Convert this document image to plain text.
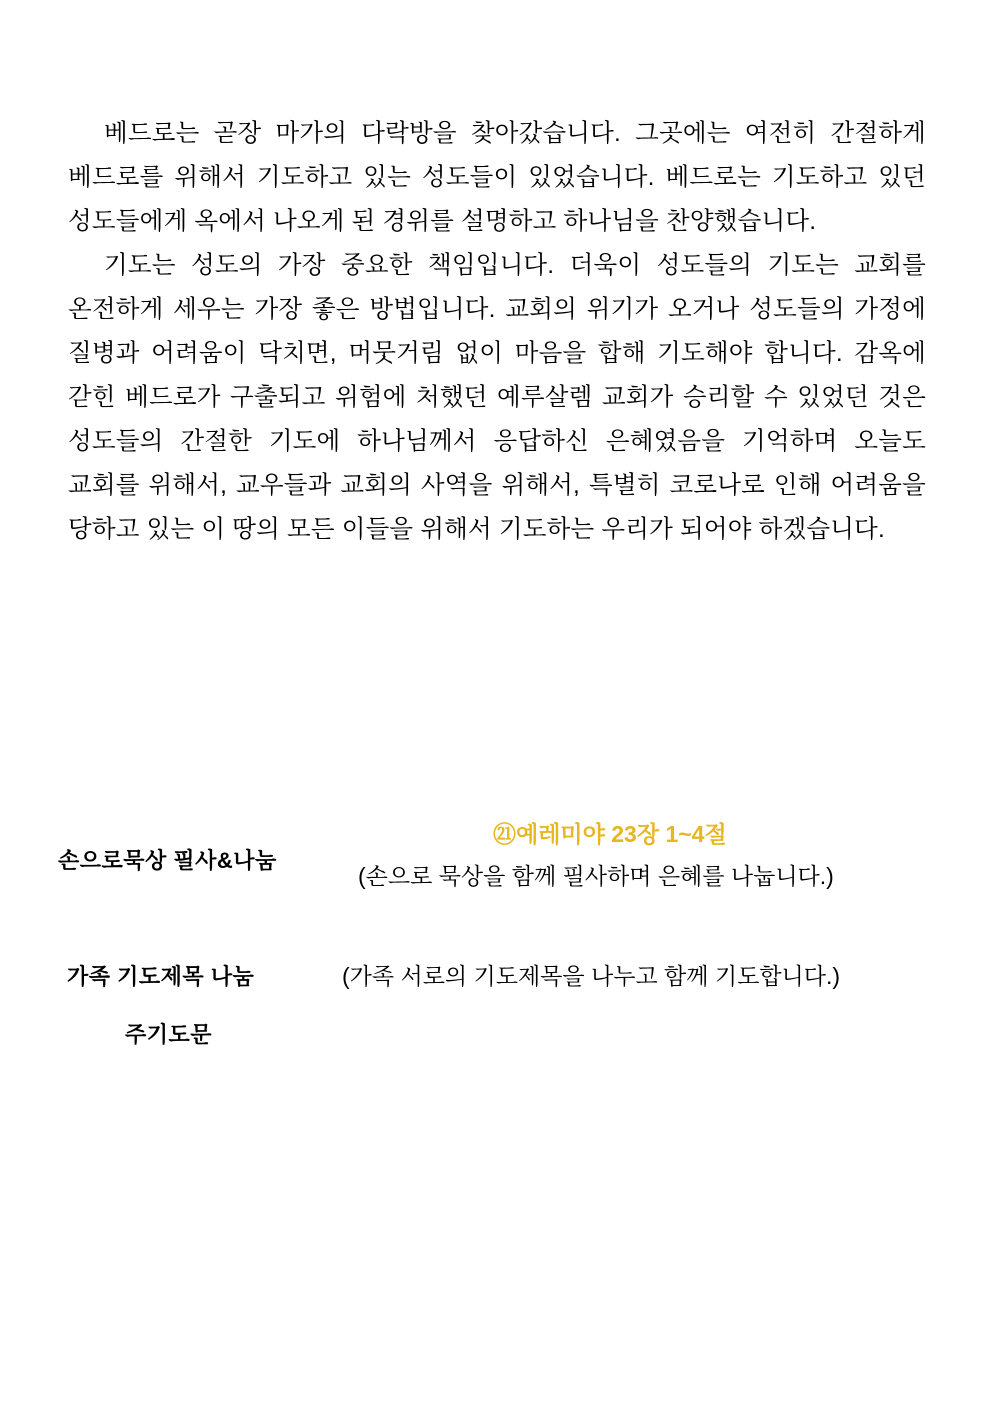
베드로는 곧장 마가의 다락방을 찾아갔습니다. 그곳에는 여전히 간절하게 베드로를 위해서 기도하고 있는 성도들이 있었습니다. 베드로는 기도하고 있던 성도들에게 옥에서 나오게 된 경위를 설명하고 하나님을 찬양했습니다.

기도는 성도의 가장 중요한 책임입니다. 더욱이 성도들의 기도는 교회를 온전하게 세우는 가장 좋은 방법입니다. 교회의 위기가 오거나 성도들의 가정에 질병과 어려움이 닥치면, 머뭇거림 없이 마음을 합해 기도해야 합니다. 감옥에 갇힌 베드로가 구출되고 위험에 처했던 예루살렘 교회가 승리할 수 있었던 것은 성도들의 간절한 기도에 하나님께서 응답하신 은혜였음을 기억하며 오늘도 교회를 위해서, 교우들과 교회의 사역을 위해서, 특별히 코로나로 인해 어려움을 당하고 있는 이 땅의 모든 이들을 위해서 기도하는 우리가 되어야 하겠습니다.

손으로묵상 필사&나눔
㉑예레미야 23장 1~4절
(손으로 묵상을 함께 필사하며 은혜를 나눕니다.)
가족 기도제목 나눔	(가족 서로의 기도제목을 나누고 함께 기도합니다.)
주기도문
